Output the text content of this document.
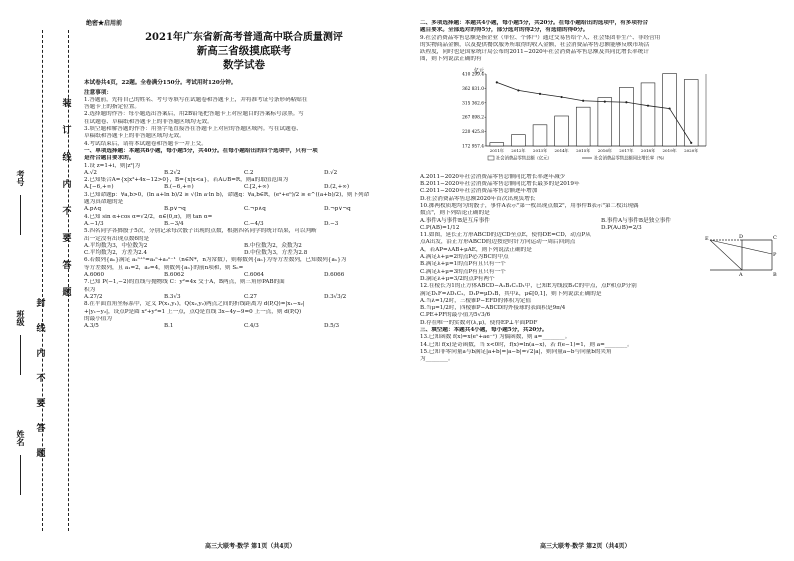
装
订
线
内
不
要
答
题
封
线
内
不
要
答
题
考号
班级
姓名
绝密★启用前
2021年广东省新高考普通高中联合质量测评
新高三省级摸底联考
数学试卷
本试卷共4页，22题。全卷满分150分。考试用时120分钟。
注意事项：
1.答题前，先将自己的姓名、考号等填写在试题卷和答题卡上，并将准考证号条形码粘贴在
答题卡上的指定位置。
2.选择题的作答：每小题选出答案后，用2B铅笔把答题卡上对应题目的答案标号涂黑。写
在试题卷、草稿纸和答题卡上的非答题区域均无效。
3.填空题和解答题的作答：用签字笔直接答在答题卡上对应的答题区域内。写在试题卷、
草稿纸和答题卡上的非答题区域均无效。
4.考试结束后，请将本试题卷和答题卡一并上交。
一、单项选择题：本题共8小题，每小题5分，共40分。在每小题给出的四个选项中，只有一项
是符合题目要求的。
1.设 z=1+i，则|z²|为
A.√2	B.2√2	C.2	D.√2
2.已知集合A={x|x²+4x−12>0}，B={x|x<a}，若A∪B=R，则a的取值范围为
A.[−6,+∞)	B.(−6,+∞)	C.[2,+∞)	D.(2,+∞)
3.已知命题p：∀a,b>0，(ln a+ln b)/2 ≥ √(ln a·ln b)，命题q：∀a,b∈R，(eᵃ+eᵇ)/2 ≥ e^((a+b)/2)，则下列命
题为真命题的是
A.p∧q	B.p∨¬q	C.¬p∧q	D.¬p∨¬q
4.已知 sin α+cos α=√2/2，α∈(0,π)，则 tan α=
A.−1/3	B.−3/4	C.−4/3	D.−3
5.四名同学各掷骰子5次，分别记录每次骰子出现的点数，根据四名同学的统计结果，可以判断
出一定没有出现点数6的是
A.平均数为3，中位数为2	B.中位数为2，众数为2
C.平均数为2，方差为2.4	D.中位数为3，方差为2.8
6.若数列{aₙ}满足 a₂ⁿ⁺¹=a₂ⁿ+a₂ⁿ⁻¹（n∈N*，n为常数），则称数列{aₙ}为等方差数列，已知数列{aₙ}为
等方差数列，且 a₁=2，a₂=4，则数列{aₙ}的前n项和，则 Sₙ=
A.6060	B.6062	C.6064	D.6066
7.已知 P(−1,−2)的直线与抛物线 C：y²=4x 交于A，B两点，则三角形PAB的面
积为
A.27/2	B.3√3	C.27	D.3√3/2
8.在平面直角坐标系中，定义 P(x₁,y₁)，Q(x₂,y₂)两点之间的折线距离为 d(P,Q)=|x₁−x₂|
+|y₁−y₂|，设点P是圆 x²+y²=1 上一点，点Q是直线 3x−4y−9=0 上一点，则 d(P,Q)
的最小值为
A.3/5	B.1	C.4/3	D.5/3
高三大联考·数学 第1页（共4页）
二、多项选择题：本题共4小题，每小题5分，共20分。在每小题给出的选项中，有多项符合
题目要求。全部选对的得5分，部分选对的得2分，有选错的得0分。
9.社会消费品零售总额是指企业（单位、个体户）通过交易售给个人、社会集团非生产、非经营用
的实物商品金额，以及提供餐饮服务所取得的收入金额，社会消费品零售总额能够反映市场活
跃程度，同时也是国家统计局公布的2011−2020年社会消费品零售总额及其同比增长率统计
图，则下列说法正确的有
亿元
172 957.4
220 425.8
267 898.2
315 362.6
362 831.0
410 299.4
2011年 2012年 2013年 2014年 2015年 2016年 2017年 2018年 2019年 2020年
社会消费品零售总额（亿元）	社会消费品零售总额同比增长率（%）
A.2011−2020年社会消费品零售总额同比增长率逐年减少
B.2011−2020年社会消费品零售总额同比增长最多的是2019年
C.2011−2020年社会消费品零售总额逐年增加
D.社会消费品零售总额2020年首次出现负增长
10.掷两枚质地均匀的骰子，事件A表示"第一枚出现点数2"，用事件B表示"第二枚出现偶
数点"，则下列结论正确的是
A.事件A与事件B是互斥事件	B.事件A与事件B是独立事件
C.P(AB)=1/12	D.P(A∪B)=2/3
11.如图，延长正方形ABCD的边CD至点E，使得DE=CD，动点P从
点A出发，沿正方形ABCD的边按逆时针方向运动一周后回到点
A，若AP=λAB+μAE，则下列说法正确的是
A.满足λ+μ=2的点P必为BC的中点
B.满足λ+μ=1的点P有且只有一个
C.满足λ+μ=3的点P有且只有一个
D.满足λ+μ=3/2的点P有两个
E	D	C
P
A	B
12.在棱长为1的正方体ABCD−A₁B₁C₁D₁中，已知E为线段B₁C的中点，点F和点P分别
满足D₁F=λD₁C₁，D₁P=μD₁B，其中λ，μ∈[0,1]，则下列说法正确的是
A.当λ=1/2时，三棱锥P−EFD的体积为定值
B.当μ=1/2时，四棱锥P−ABCD的外接球的表面积是9π/4
C.PE+PF的最小值为5√3/6
D.存在唯一的实数对(λ,μ)，使得EP⊥平面PDF
三、填空题：本题共4小题，每小题5分，共20分。
13.已知函数 f(x)=x(eˣ+ae⁻ˣ) 为偶函数，则 a=________。
14.已知 f(x)是奇函数，当 x<0时，f(x)=ln(a−x)，若 f(e−1)=1，则 a=________。
15.已知非零向量a与b满足|a+b|=|a−b|=√2|a|，则向量a−b与向量b的夹角
为________。
高三大联考·数学 第2页（共4页）
